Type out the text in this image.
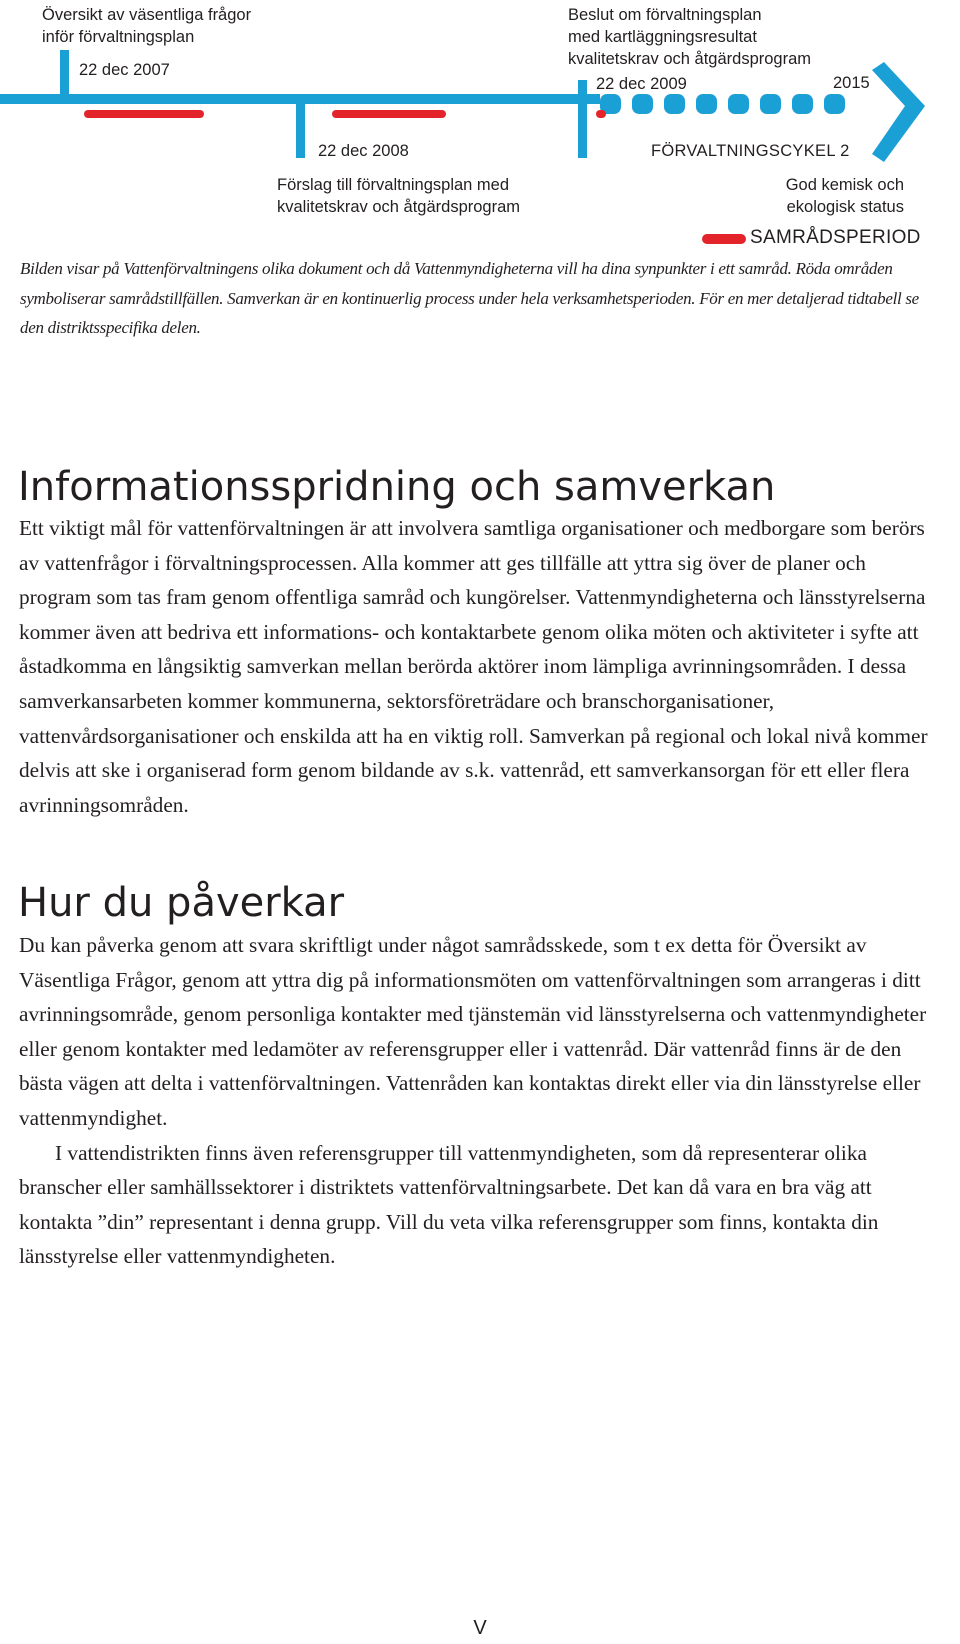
Översikt av väsentliga frågor
inför förvaltningsplan
22 dec 2007
Beslut om förvaltningsplan
med kartläggningsresultat
kvalitetskrav och åtgärdsprogram
22 dec 2009	2015
22 dec 2008	FÖRVALTNINGSCYKEL 2
Förslag till förvaltningsplan med
kvalitetskrav och åtgärdsprogram
God kemisk och
ekologisk status
SAMRÅDSPERIOD

Bilden visar på Vattenförvaltningens olika dokument och då Vattenmyndigheterna vill ha dina synpunkter i ett samråd. Röda områden symboliserar samrådstillfällen. Samverkan är en kontinuerlig process under hela verksamhetsperioden. För en mer detaljerad tidtabell se den distriktsspecifika delen.

Informationsspridning och samverkan

Ett viktigt mål för vattenförvaltningen är att involvera samtliga organisationer och medborgare som berörs av vattenfrågor i förvaltningsprocessen. Alla kommer att ges tillfälle att yttra sig över de planer och program som tas fram genom offentliga samråd och kungörelser. Vattenmyndigheterna och länsstyrelserna kommer även att bedriva ett informations- och kontaktarbete genom olika möten och aktiviteter i syfte att åstadkomma en långsiktig samverkan mellan berörda aktörer inom lämpliga avrinningsområden. I dessa samverkansarbeten kommer kommunerna, sektorsföreträdare och branschorganisationer, vattenvårdsorganisationer och enskilda att ha en viktig roll. Samverkan på regional och lokal nivå kommer delvis att ske i organiserad form genom bildande av s.k. vattenråd, ett samverkansorgan för ett eller flera avrinningsområden.

Hur du påverkar

Du kan påverka genom att svara skriftligt under något samrådsskede, som t ex detta för Översikt av Väsentliga Frågor, genom att yttra dig på informationsmöten om vattenförvaltningen som arrangeras i ditt avrinningsområde, genom personliga kontakter med tjänstemän vid länsstyrelserna och vattenmyndigheter eller genom kontakter med ledamöter av referensgrupper eller i vattenråd. Där vattenråd finns är de den bästa vägen att delta i vattenförvaltningen. Vattenråden kan kontaktas direkt eller via din länsstyrelse eller vattenmyndighet.

I vattendistrikten finns även referensgrupper till vattenmyndigheten, som då representerar olika branscher eller samhällssektorer i distriktets vattenförvaltningsarbete. Det kan då vara en bra väg att kontakta ”din” representant i denna grupp. Vill du veta vilka referensgrupper som finns, kontakta din länsstyrelse eller vattenmyndigheten.

V
